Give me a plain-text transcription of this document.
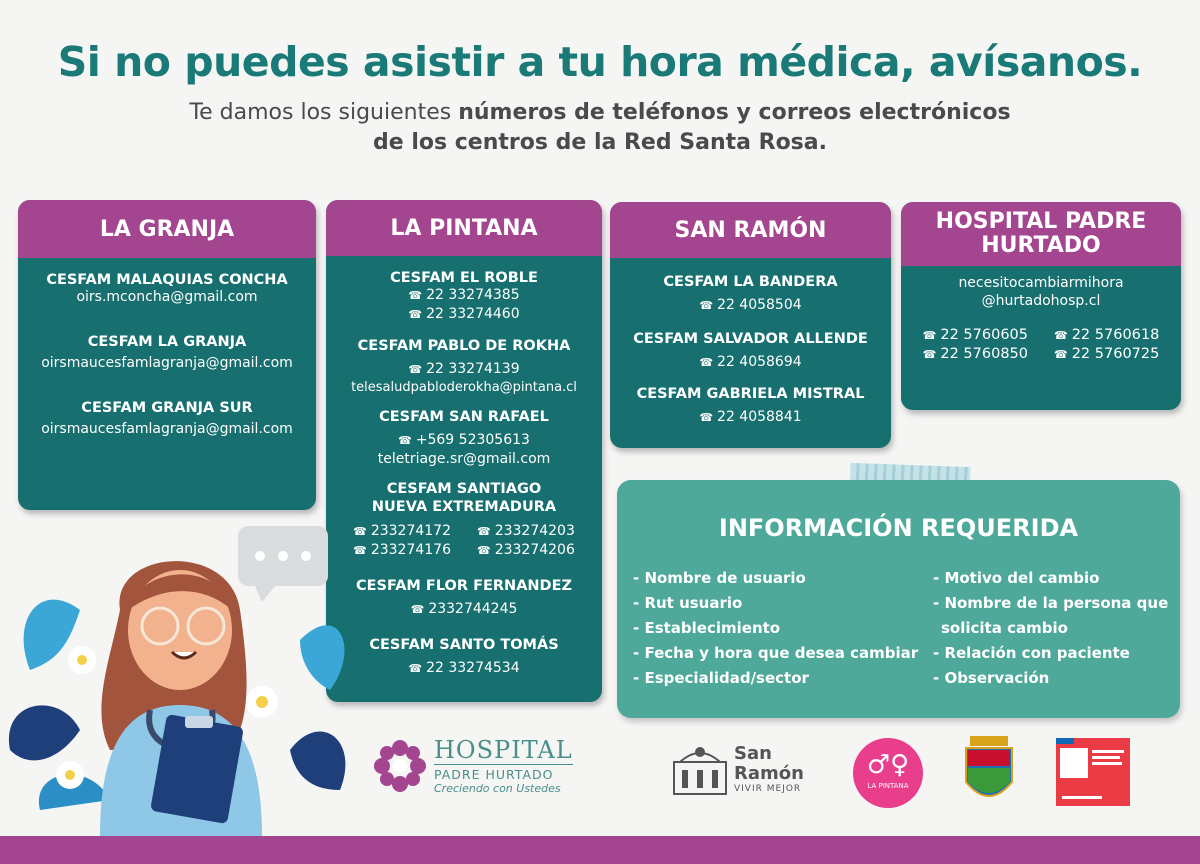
Si no puedes asistir a tu hora médica, avísanos.
Te damos los siguientes números de teléfonos y correos electrónicos
de los centros de la Red Santa Rosa.
LA GRANJA
CESFAM MALAQUIAS CONCHA
oirs.mconcha@gmail.com
CESFAM LA GRANJA
oirsmaucesfamlagranja@gmail.com
CESFAM GRANJA SUR
oirsmaucesfamlagranja@gmail.com
LA PINTANA
CESFAM EL ROBLE
☎ 22 33274385
☎ 22 33274460
CESFAM PABLO DE ROKHA
☎ 22 33274139
telesaludpabloderokha@pintana.cl
CESFAM SAN RAFAEL
☎ +569 52305613
teletriage.sr@gmail.com
CESFAM SANTIAGO NUEVA EXTREMADURA
☎ 233274172
☎ 233274176
☎ 233274203
☎ 233274206
CESFAM FLOR FERNANDEZ
☎ 2332744245
CESFAM SANTO TOMÁS
☎ 22 33274534
SAN RAMÓN
CESFAM LA BANDERA
☎ 22 4058504
CESFAM SALVADOR ALLENDE
☎ 22 4058694
CESFAM GABRIELA MISTRAL
☎ 22 4058841
HOSPITAL PADRE HURTADO
necesitocambiarmihora
@hurtadohosp.cl
☎ 22 5760605
☎ 22 5760850
☎ 22 5760618
☎ 22 5760725
INFORMACIÓN REQUERIDA
- Nombre de usuario
- Rut usuario
- Establecimiento
- Fecha y hora que desea cambiar
- Especialidad/sector
- Motivo del cambio
- Nombre de la persona que
solicita cambio
- Relación con paciente
- Observación
HOSPITAL
PADRE HURTADO
Creciendo con Ustedes
San
Ramón
VIVIR MEJOR
♂♀
LA PINTANA
